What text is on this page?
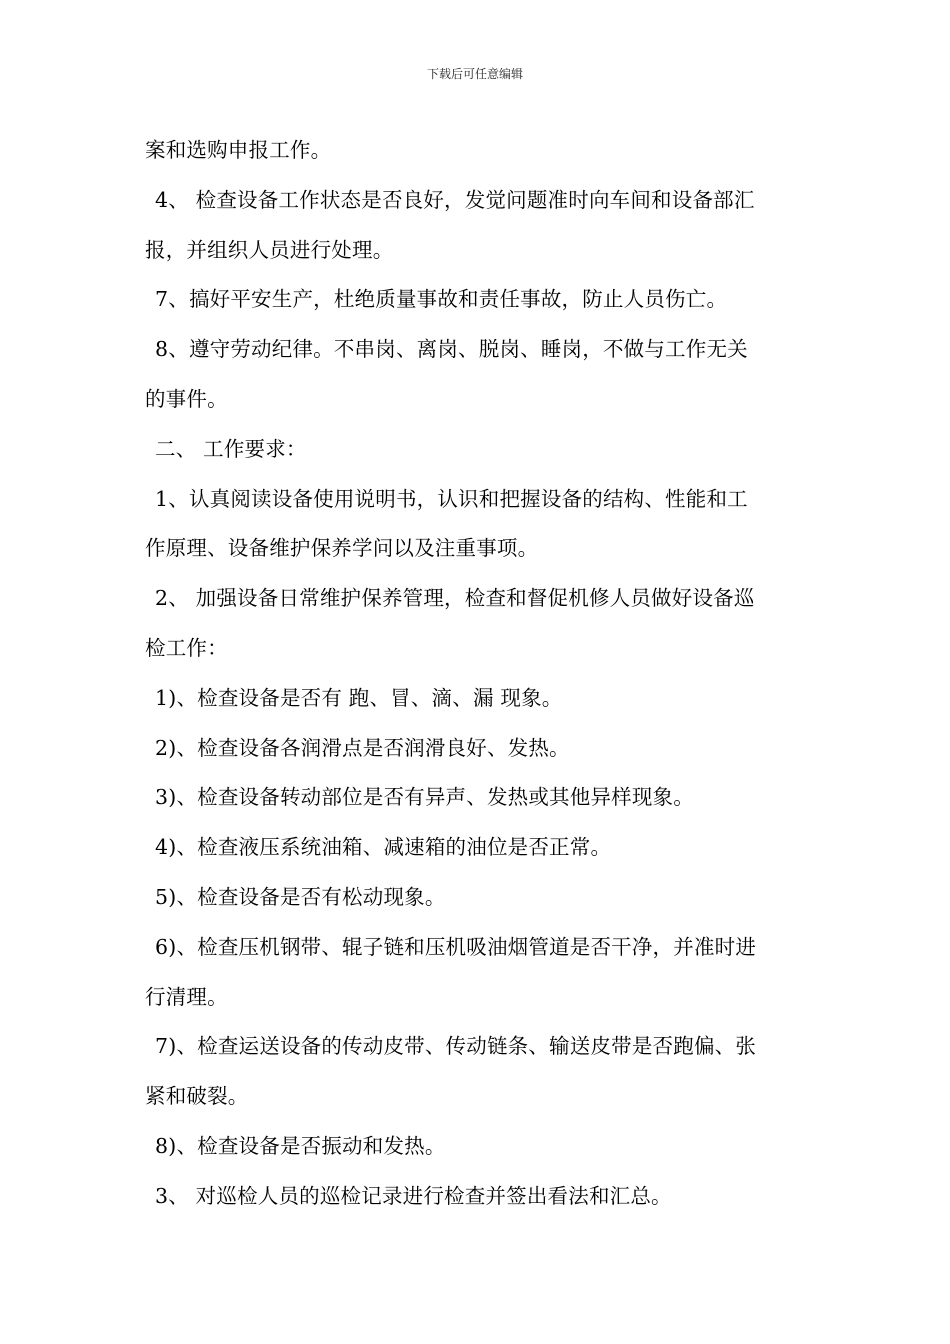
下载后可任意编辑
案和选购申报工作。
4、 检查设备工作状态是否良好，发觉问题准时向车间和设备部汇
报，并组织人员进行处理。
7、搞好平安生产，杜绝质量事故和责任事故，防止人员伤亡。
8、遵守劳动纪律。不串岗、离岗、脱岗、睡岗，不做与工作无关
的事件。
二、 工作要求：
1、认真阅读设备使用说明书，认识和把握设备的结构、性能和工
作原理、设备维护保养学问以及注重事项。
2、 加强设备日常维护保养管理，检查和督促机修人员做好设备巡
检工作：
1)、检查设备是否有 跑、冒、滴、漏 现象。
2)、检查设备各润滑点是否润滑良好、发热。
3)、检查设备转动部位是否有异声、发热或其他异样现象。
4)、检查液压系统油箱、减速箱的油位是否正常。
5)、检查设备是否有松动现象。
6)、检查压机钢带、辊子链和压机吸油烟管道是否干净，并准时进
行清理。
7)、检查运送设备的传动皮带、传动链条、输送皮带是否跑偏、张
紧和破裂。
8)、检查设备是否振动和发热。
3、 对巡检人员的巡检记录进行检查并签出看法和汇总。
